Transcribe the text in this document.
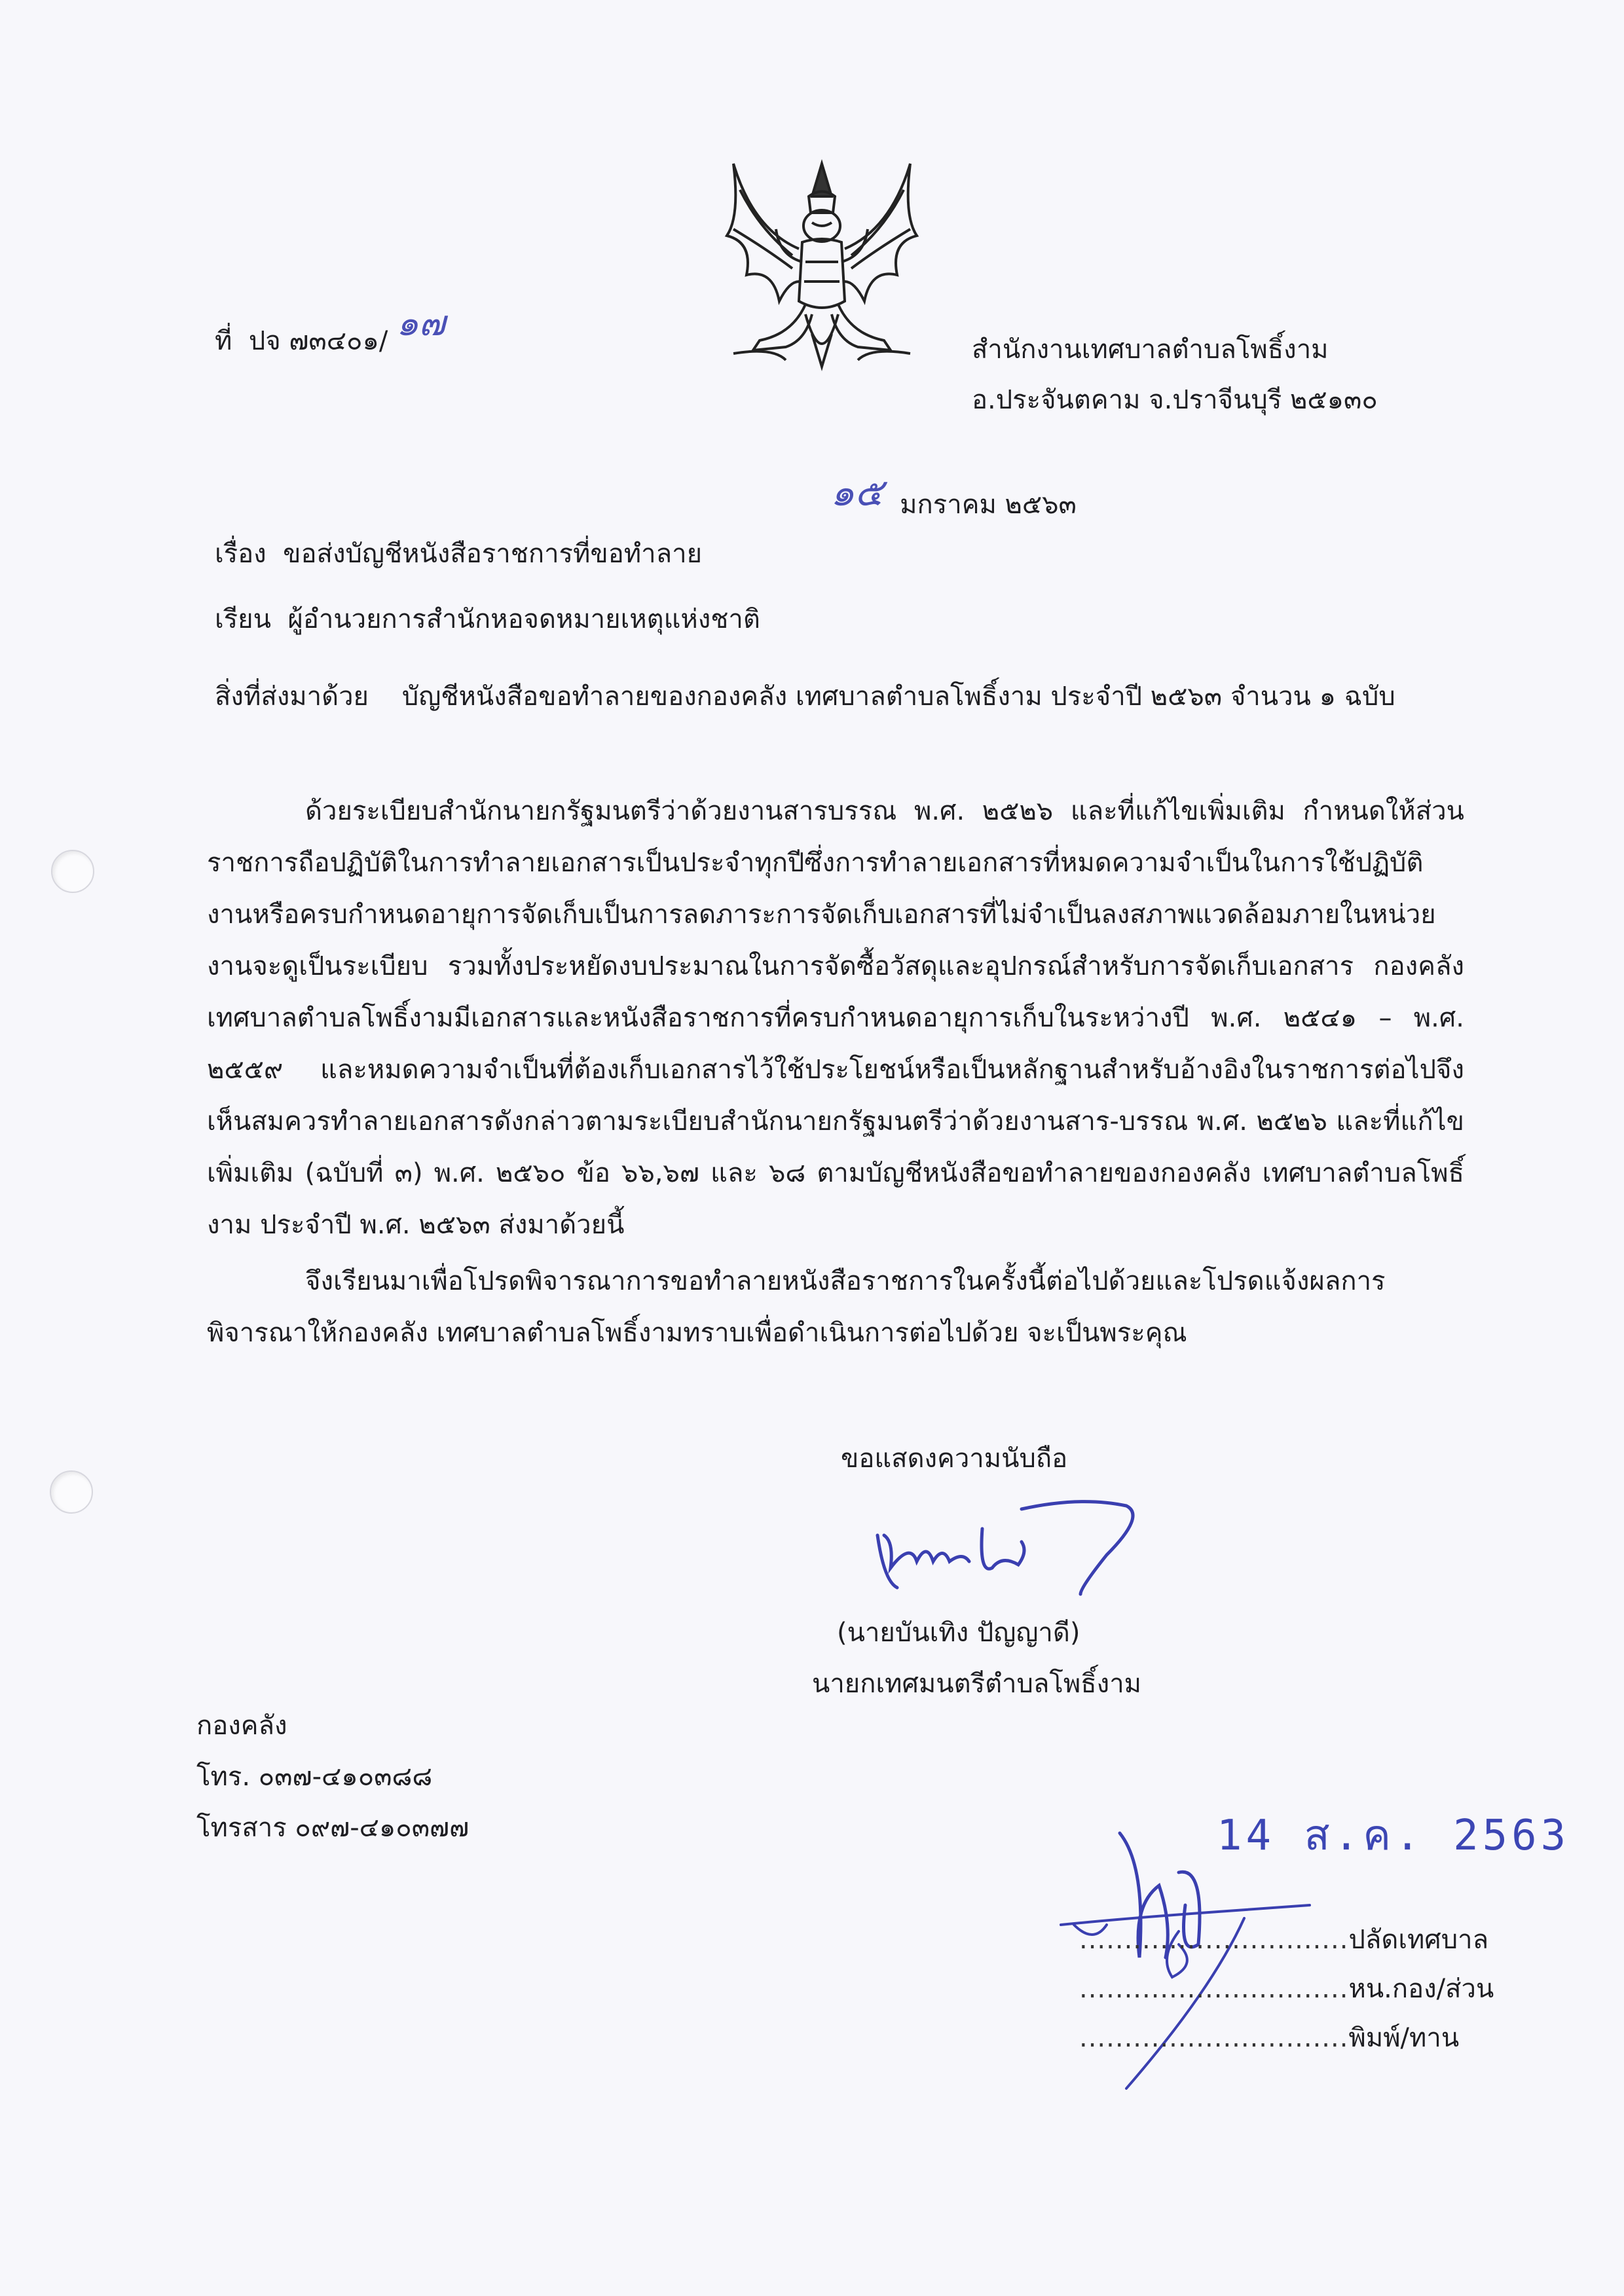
ที่ ปจ ๗๓๔๐๑/ ๑๗
สำนักงานเทศบาลตำบลโพธิ์งาม
อ.ประจันตคาม จ.ปราจีนบุรี ๒๕๑๓๐
๑๕ มกราคม ๒๕๖๓
เรื่อง ขอส่งบัญชีหนังสือราชการที่ขอทำลาย
เรียน ผู้อำนวยการสำนักหอจดหมายเหตุแห่งชาติ
สิ่งที่ส่งมาด้วย บัญชีหนังสือขอทำลายของกองคลัง เทศบาลตำบลโพธิ์งาม ประจำปี ๒๕๖๓ จำนวน ๑ ฉบับ

ด้วยระเบียบสำนักนายกรัฐมนตรีว่าด้วยงานสารบรรณ พ.ศ. ๒๕๒๖ และที่แก้ไขเพิ่มเติม กำหนดให้ส่วนราชการถือปฏิบัติในการทำลายเอกสารเป็นประจำทุกปีซึ่งการทำลายเอกสารที่หมดความจำเป็นในการใช้ปฏิบัติงานหรือครบกำหนดอายุการจัดเก็บเป็นการลดภาระการจัดเก็บเอกสารที่ไม่จำเป็นลงสภาพแวดล้อมภายในหน่วยงานจะดูเป็นระเบียบ รวมทั้งประหยัดงบประมาณในการจัดซื้อวัสดุและอุปกรณ์สำหรับการจัดเก็บเอกสาร กองคลังเทศบาลตำบลโพธิ์งามมีเอกสารและหนังสือราชการที่ครบกำหนดอายุการเก็บในระหว่างปี พ.ศ. ๒๕๔๑ – พ.ศ. ๒๕๕๙ และหมดความจำเป็นที่ต้องเก็บเอกสารไว้ใช้ประโยชน์หรือเป็นหลักฐานสำหรับอ้างอิงในราชการต่อไปจึงเห็นสมควรทำลายเอกสารดังกล่าวตามระเบียบสำนักนายกรัฐมนตรีว่าด้วยงานสาร-บรรณ พ.ศ. ๒๕๒๖ และที่แก้ไขเพิ่มเติม (ฉบับที่ ๓) พ.ศ. ๒๕๖๐ ข้อ ๖๖,๖๗ และ ๖๘ ตามบัญชีหนังสือขอทำลายของกองคลัง เทศบาลตำบลโพธิ์งาม ประจำปี พ.ศ. ๒๕๖๓ ส่งมาด้วยนี้

จึงเรียนมาเพื่อโปรดพิจารณาการขอทำลายหนังสือราชการในครั้งนี้ต่อไปด้วยและโปรดแจ้งผลการพิจารณาให้กองคลัง เทศบาลตำบลโพธิ์งามทราบเพื่อดำเนินการต่อไปด้วย จะเป็นพระคุณ

ขอแสดงความนับถือ
(นายบันเทิง ปัญญาดี)
นายกเทศมนตรีตำบลโพธิ์งาม
กองคลัง
โทร. ๐๓๗-๔๑๐๓๘๘
โทรสาร ๐๙๗-๔๑๐๓๗๗	14 ส.ค. 2563
..............................ปลัดเทศบาล
..............................หน.กอง/ส่วน
..............................พิมพ์/ทาน
